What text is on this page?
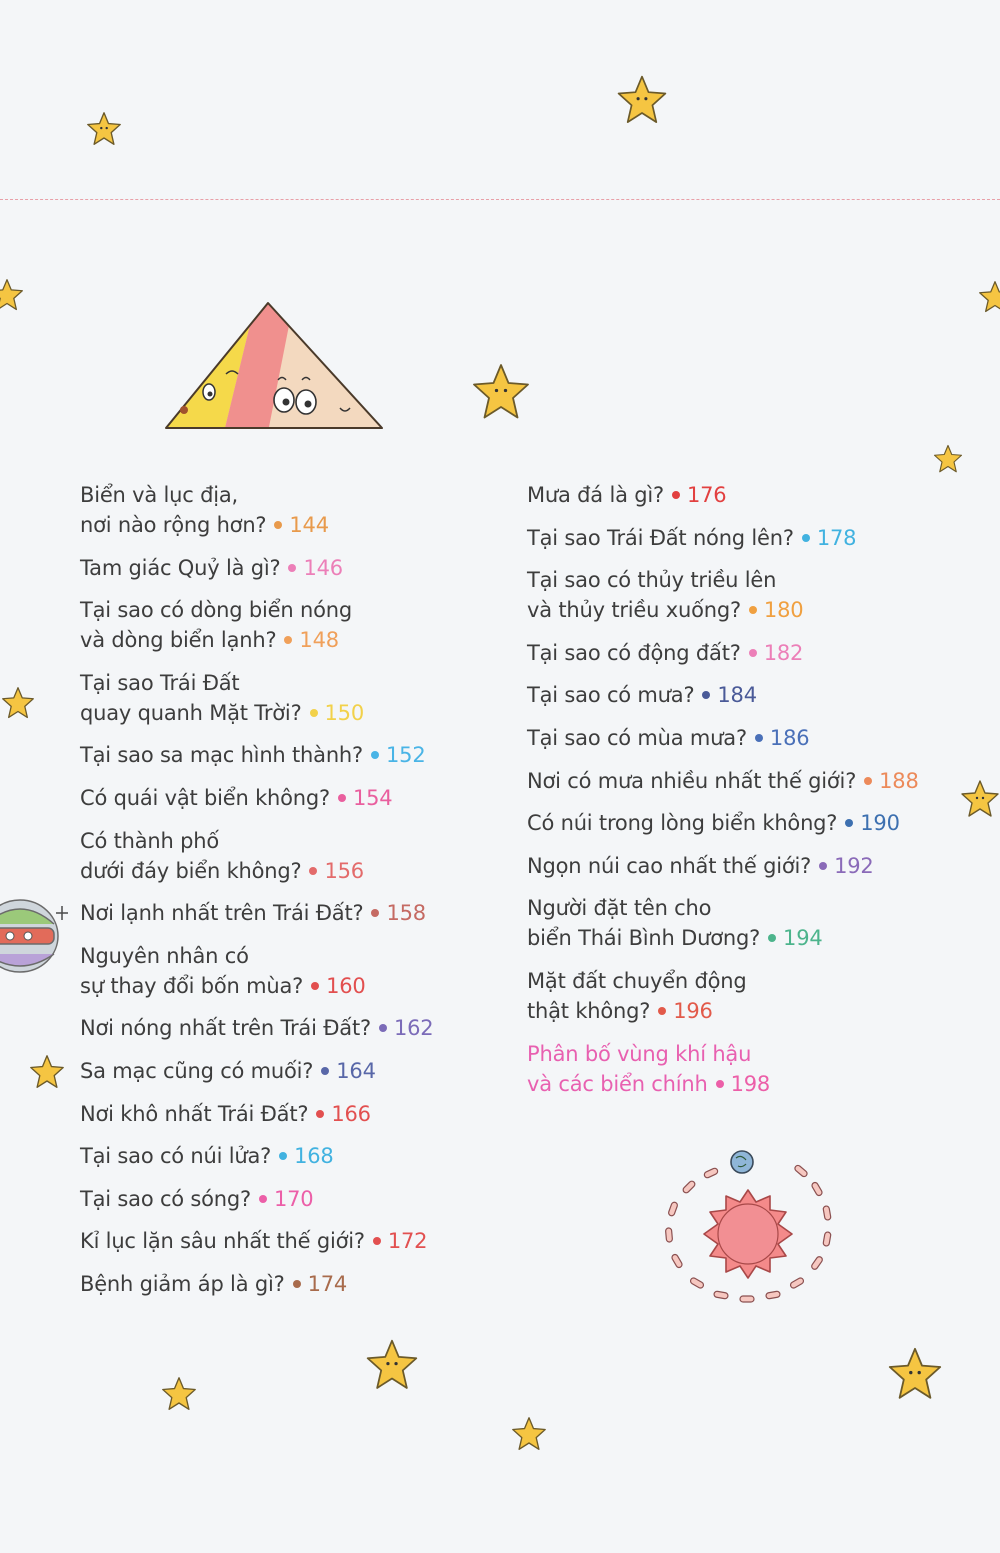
Biển và lục địa,
nơi nào rộng hơn? 144
Tam giác Quỷ là gì? 146
Tại sao có dòng biển nóng
và dòng biển lạnh? 148
Tại sao Trái Đất
quay quanh Mặt Trời? 150
Tại sao sa mạc hình thành? 152
Có quái vật biển không? 154
Có thành phố
dưới đáy biển không? 156
Nơi lạnh nhất trên Trái Đất? 158
Nguyên nhân có
sự thay đổi bốn mùa? 160
Nơi nóng nhất trên Trái Đất? 162
Sa mạc cũng có muối? 164
Nơi khô nhất Trái Đất? 166
Tại sao có núi lửa? 168
Tại sao có sóng? 170
Kỉ lục lặn sâu nhất thế giới? 172
Bệnh giảm áp là gì? 174
Mưa đá là gì? 176
Tại sao Trái Đất nóng lên? 178
Tại sao có thủy triều lên
và thủy triều xuống? 180
Tại sao có động đất? 182
Tại sao có mưa? 184
Tại sao có mùa mưa? 186
Nơi có mưa nhiều nhất thế giới? 188
Có núi trong lòng biển không? 190
Ngọn núi cao nhất thế giới? 192
Người đặt tên cho
biển Thái Bình Dương? 194
Mặt đất chuyển động
thật không? 196
Phân bố vùng khí hậu
và các biển chính 198
